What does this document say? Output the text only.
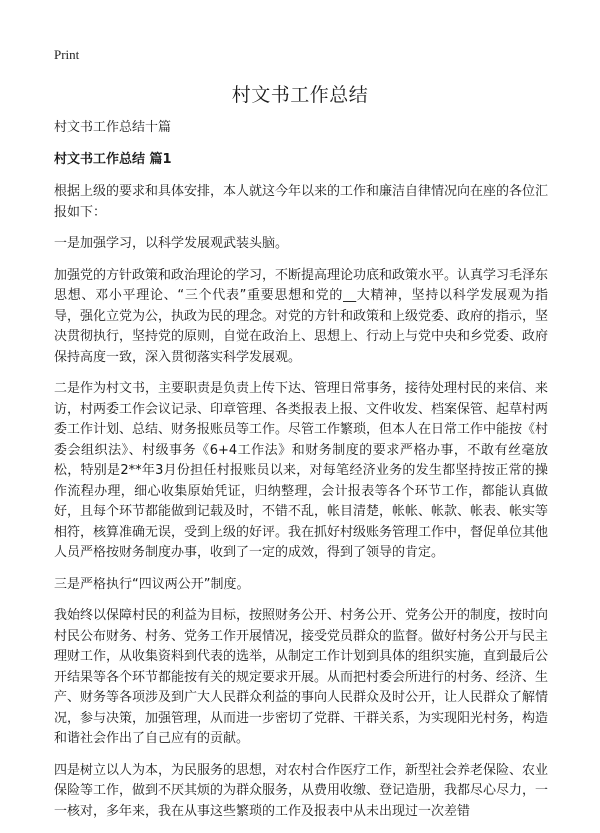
Print
村文书工作总结

村文书工作总结十篇

村文书工作总结 篇1

根据上级的要求和具体安排，本人就这今年以来的工作和廉洁自律情况向在座的各位汇报如下：

一是加强学习，以科学发展观武装头脑。

加强党的方针政策和政治理论的学习，不断提高理论功底和政策水平。认真学习毛泽东思想、邓小平理论、“三个代表”重要思想和党的__大精神，坚持以科学发展观为指导，强化立党为公，执政为民的理念。对党的方针和政策和上级党委、政府的指示，坚决贯彻执行，坚持党的原则，自觉在政治上、思想上、行动上与党中央和乡党委、政府保持高度一致，深入贯彻落实科学发展观。

二是作为村文书，主要职责是负责上传下达、管理日常事务，接待处理村民的来信、来访，村两委工作会议记录、印章管理、各类报表上报、文件收发、档案保管、起草村两委工作计划、总结、财务报账员等工作。尽管工作繁琐，但本人在日常工作中能按《村委会组织法》、村级事务《6+4工作法》和财务制度的要求严格办事，不敢有丝毫放松，特别是2**年3月份担任村报账员以来，对每笔经济业务的发生都坚持按正常的操作流程办理，细心收集原始凭证，归纳整理，会计报表等各个环节工作，都能认真做好，且每个环节都能做到记载及时，不错不乱，帐目清楚，帐帐、帐款、帐表、帐实等相符，核算准确无误，受到上级的好评。我在抓好村级账务管理工作中，督促单位其他人员严格按财务制度办事，收到了一定的成效，得到了领导的肯定。

三是严格执行“四议两公开”制度。

我始终以保障村民的利益为目标，按照财务公开、村务公开、党务公开的制度，按时向村民公布财务、村务、党务工作开展情况，接受党员群众的监督。做好村务公开与民主理财工作，从收集资料到代表的选举，从制定工作计划到具体的组织实施，直到最后公开结果等各个环节都能按有关的规定要求开展。从而把村委会所进行的村务、经济、生产、财务等各项涉及到广大人民群众利益的事向人民群众及时公开，让人民群众了解情况，参与决策，加强管理，从而进一步密切了党群、干群关系，为实现阳光村务，构造和谐社会作出了自己应有的贡献。

四是树立以人为本，为民服务的思想，对农村合作医疗工作，新型社会养老保险、农业保险等工作，做到不厌其烦的为群众服务，从费用收缴、登记造册，我都尽心尽力，一一核对，多年来，我在从事这些繁琐的工作及报表中从未出现过一次差错
